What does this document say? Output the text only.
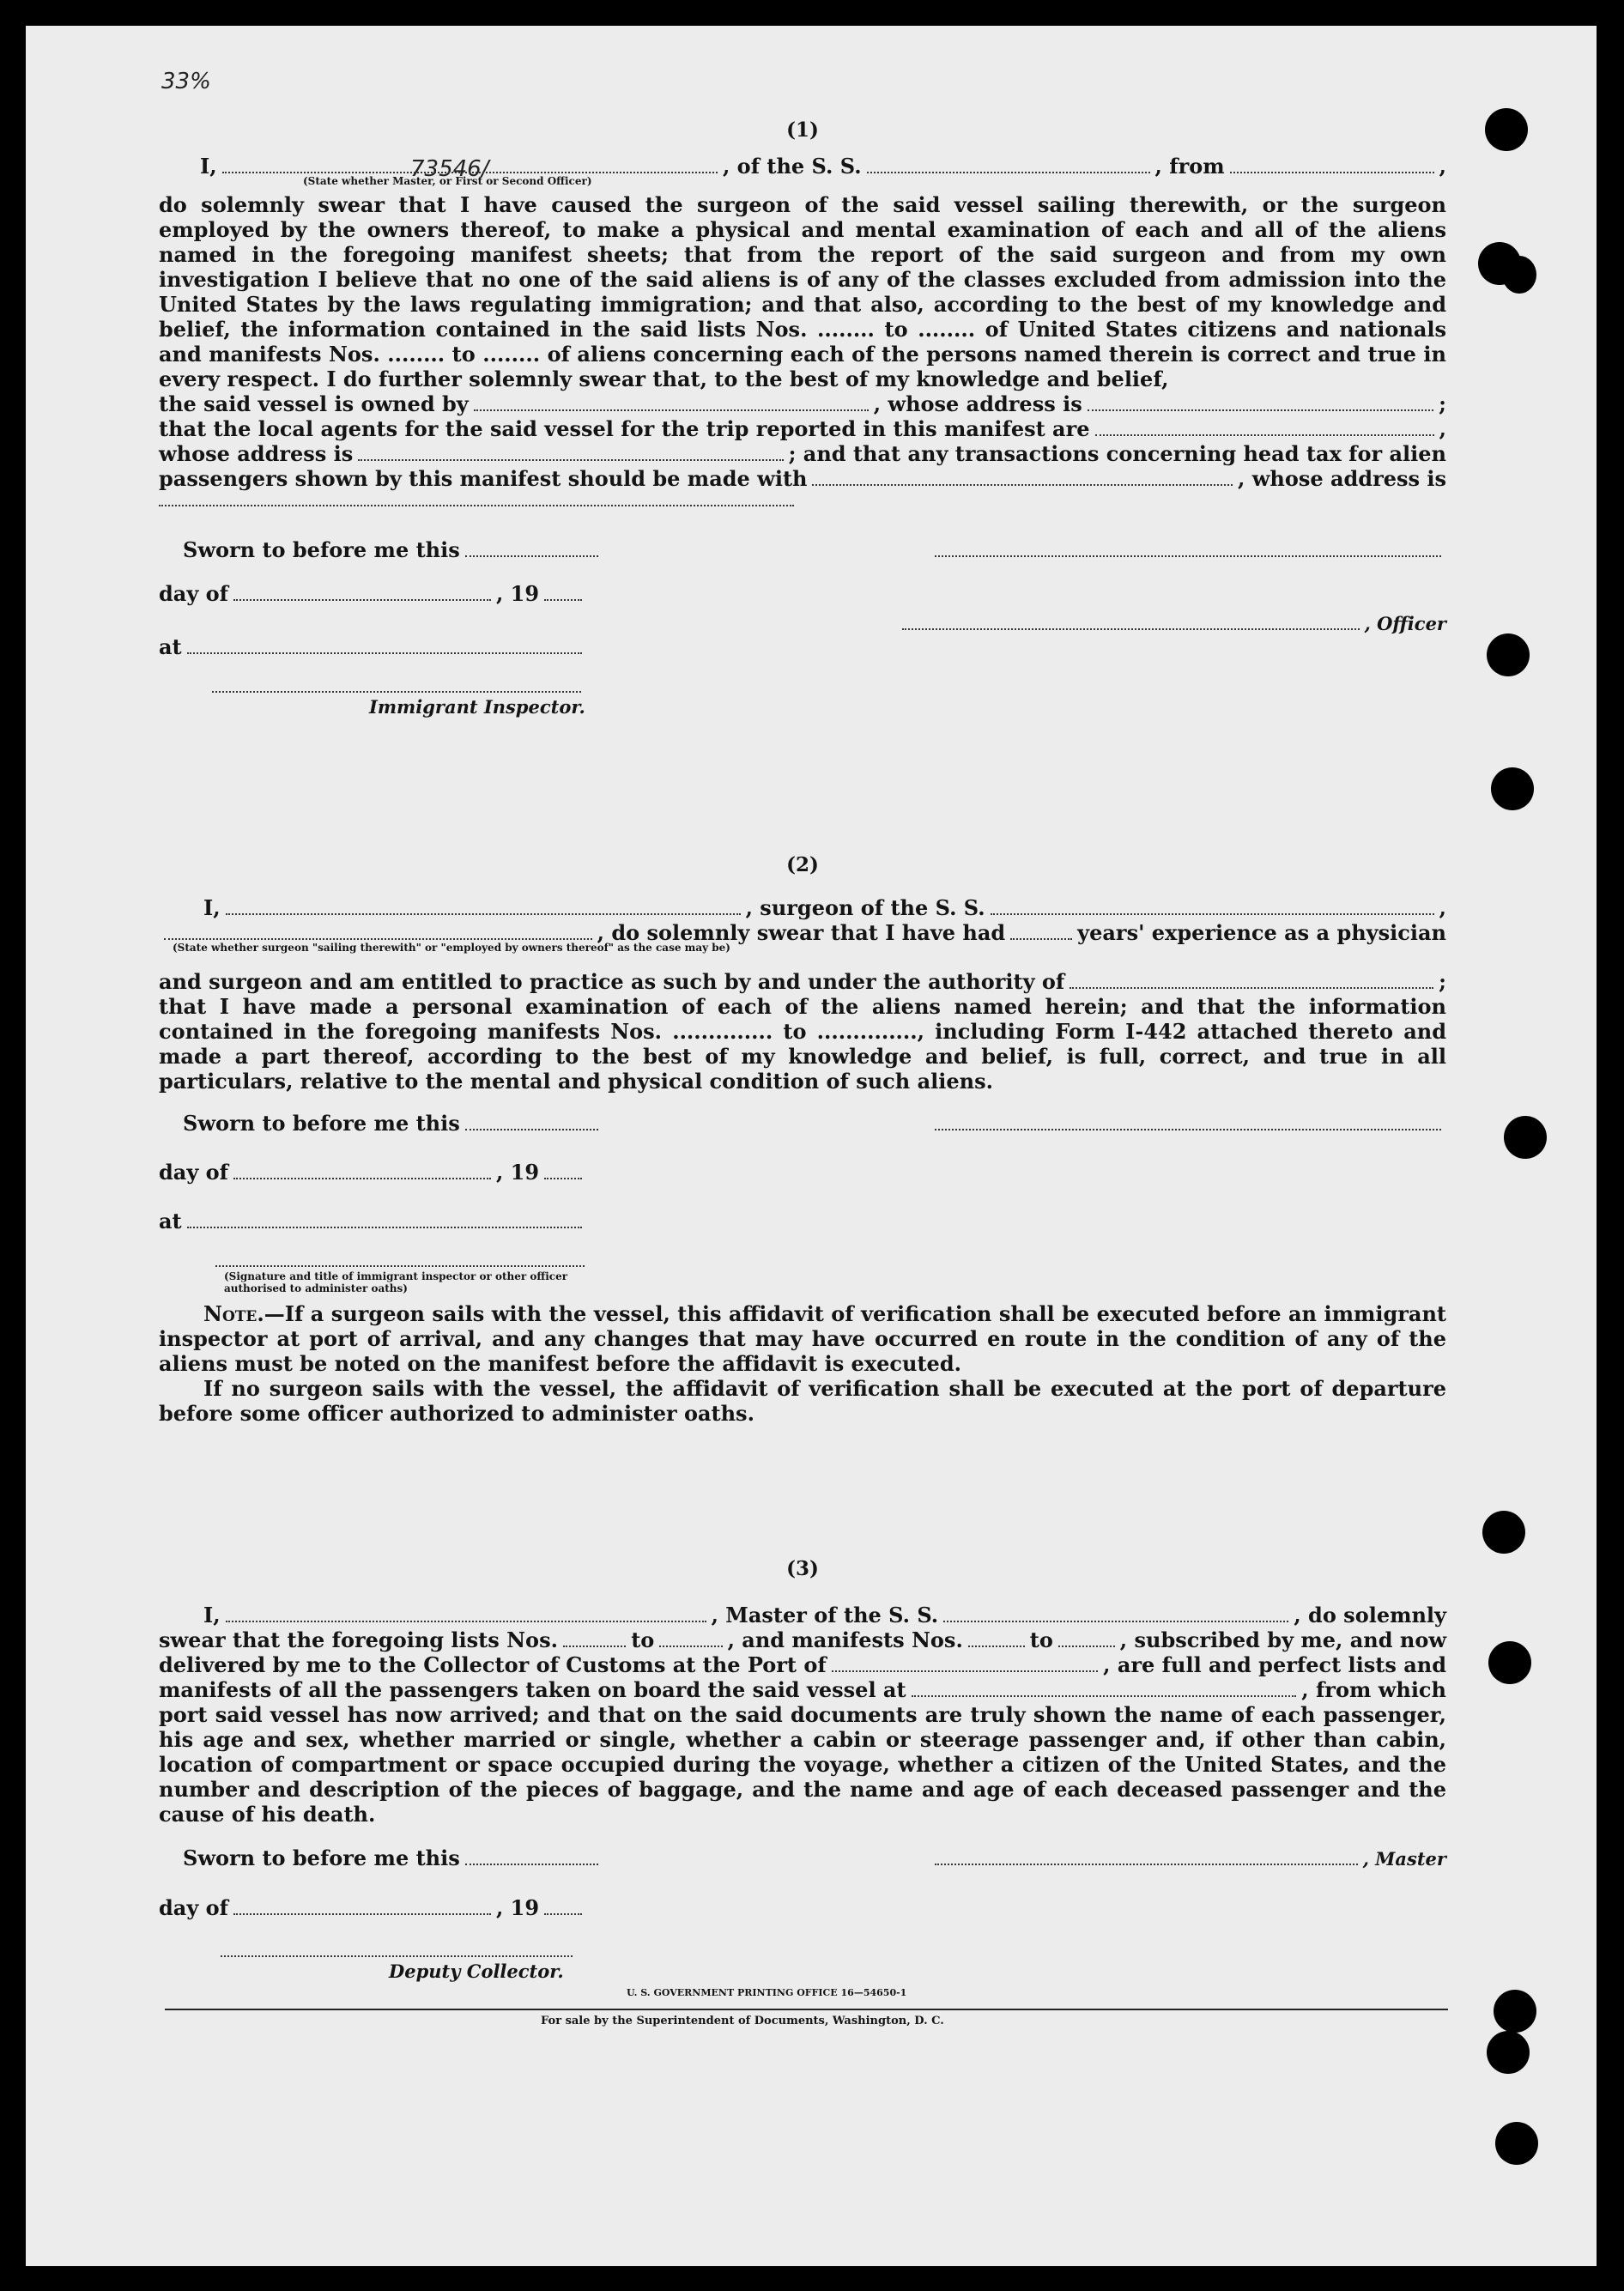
33%
73546/
(1)
I,	, of the S. S.	, from	,
(State whether Master, or First or Second Officer)

do solemnly swear that I have caused the surgeon of the said vessel sailing therewith, or the surgeon employed by the owners thereof, to make a physical and mental examination of each and all of the aliens named in the foregoing manifest sheets; that from the report of the said surgeon and from my own investigation I believe that no one of the said aliens is of any of the classes excluded from admission into the United States by the laws regulating immigration; and that also, according to the best of my knowledge and belief, the information contained in the said lists Nos. ........ to ........ of United States citizens and nationals and manifests Nos. ........ to ........ of aliens concerning each of the persons named therein is correct and true in every respect. I do further solemnly swear that, to the best of my knowledge and belief,

the said vessel is owned by	, whose address is	;
that the local agents for the said vessel for the trip reported in this manifest are	,
whose address is	; and that any transactions concerning head tax for alien
passengers shown by this manifest should be made with	, whose address is
Sworn to before me this
day of	, 19
, Officer
at
Immigrant Inspector.
(2)
I,	, surgeon of the S. S.	,
, do solemnly swear that I have had	years' experience as a physician
(State whether surgeon "sailing therewith" or "employed by owners thereof" as the case may be)
and surgeon and am entitled to practice as such by and under the authority of	;

that I have made a personal examination of each of the aliens named herein; and that the information contained in the foregoing manifests Nos. .............. to .............., including Form I-442 attached thereto and made a part thereof, according to the best of my knowledge and belief, is full, correct, and true in all particulars, relative to the mental and physical condition of such aliens.

Sworn to before me this
day of	, 19
at
(Signature and title of immigrant inspector or other officer authorised to administer oaths)

Note.—If a surgeon sails with the vessel, this affidavit of verification shall be executed before an immigrant inspector at port of arrival, and any changes that may have occurred en route in the condition of any of the aliens must be noted on the manifest before the affidavit is executed.

If no surgeon sails with the vessel, the affidavit of verification shall be executed at the port of departure before some officer authorized to administer oaths.

(3)
I,	, Master of the S. S.	, do solemnly
swear that the foregoing lists Nos.	to	, and manifests Nos.	to	, subscribed by me, and now
delivered by me to the Collector of Customs at the Port of	, are full and perfect lists and
manifests of all the passengers taken on board the said vessel at	, from which

port said vessel has now arrived; and that on the said documents are truly shown the name of each passenger, his age and sex, whether married or single, whether a cabin or steerage passenger and, if other than cabin, location of compartment or space occupied during the voyage, whether a citizen of the United States, and the number and description of the pieces of baggage, and the name and age of each deceased passenger and the cause of his death.

Sworn to before me this	, Master
day of	, 19
Deputy Collector.
U. S. GOVERNMENT PRINTING OFFICE 16—54650-1
For sale by the Superintendent of Documents, Washington, D. C.
